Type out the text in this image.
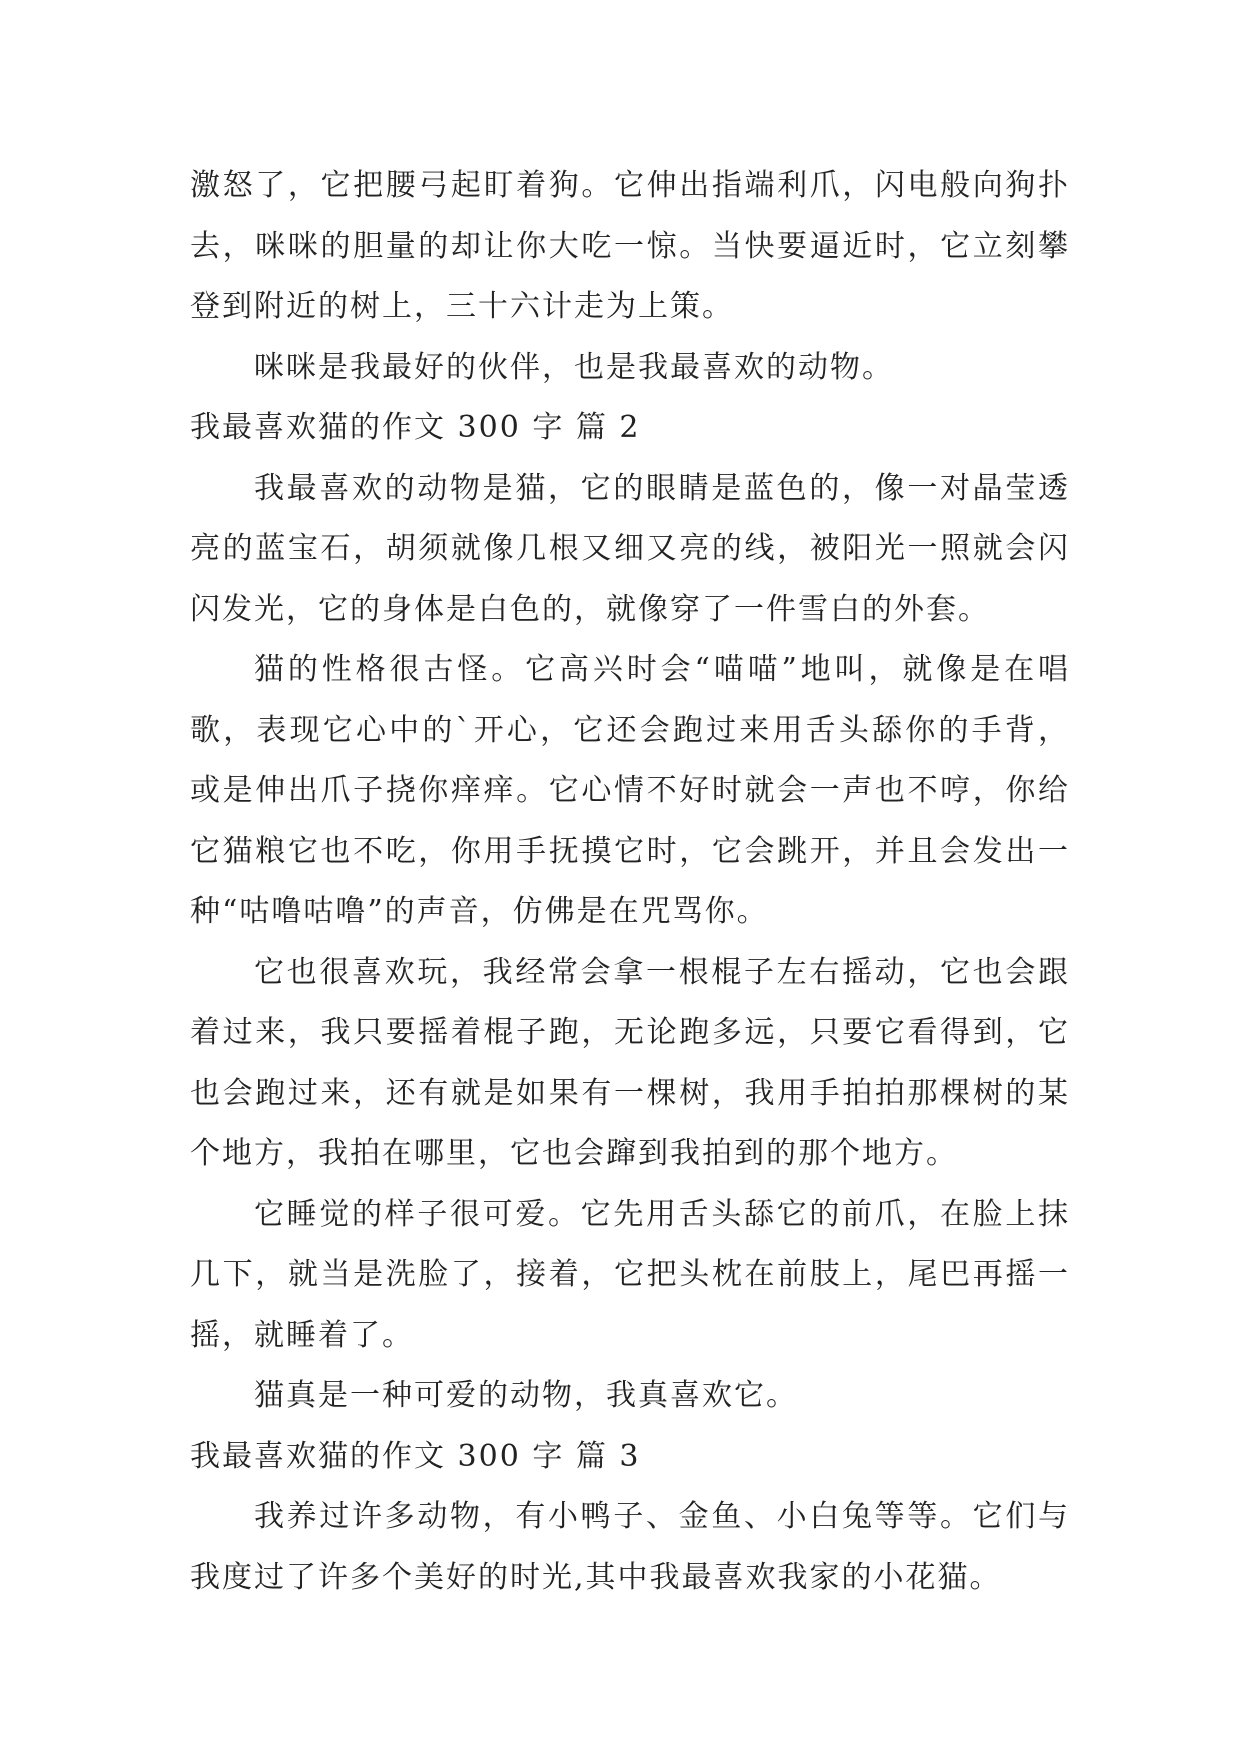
激怒了，它把腰弓起盯着狗。它伸出指端利爪，闪电般向狗扑去，咪咪的胆量的却让你大吃一惊。当快要逼近时，它立刻攀登到附近的树上，三十六计走为上策。

咪咪是我最好的伙伴，也是我最喜欢的动物。

我最喜欢猫的作文 300 字 篇 2

我最喜欢的动物是猫，它的眼睛是蓝色的，像一对晶莹透亮的蓝宝石，胡须就像几根又细又亮的线，被阳光一照就会闪闪发光，它的身体是白色的，就像穿了一件雪白的外套。

猫的性格很古怪。它高兴时会“喵喵”地叫，就像是在唱歌，表现它心中的`开心，它还会跑过来用舌头舔你的手背，或是伸出爪子挠你痒痒。它心情不好时就会一声也不哼，你给它猫粮它也不吃，你用手抚摸它时，它会跳开，并且会发出一种“咕噜咕噜”的声音，仿佛是在咒骂你。

它也很喜欢玩，我经常会拿一根棍子左右摇动，它也会跟着过来，我只要摇着棍子跑，无论跑多远，只要它看得到，它也会跑过来，还有就是如果有一棵树，我用手拍拍那棵树的某个地方，我拍在哪里，它也会蹿到我拍到的那个地方。

它睡觉的样子很可爱。它先用舌头舔它的前爪，在脸上抹几下，就当是洗脸了，接着，它把头枕在前肢上，尾巴再摇一摇，就睡着了。

猫真是一种可爱的动物，我真喜欢它。

我最喜欢猫的作文 300 字 篇 3

我养过许多动物，有小鸭子、金鱼、小白兔等等。它们与我度过了许多个美好的时光,其中我最喜欢我家的小花猫。
